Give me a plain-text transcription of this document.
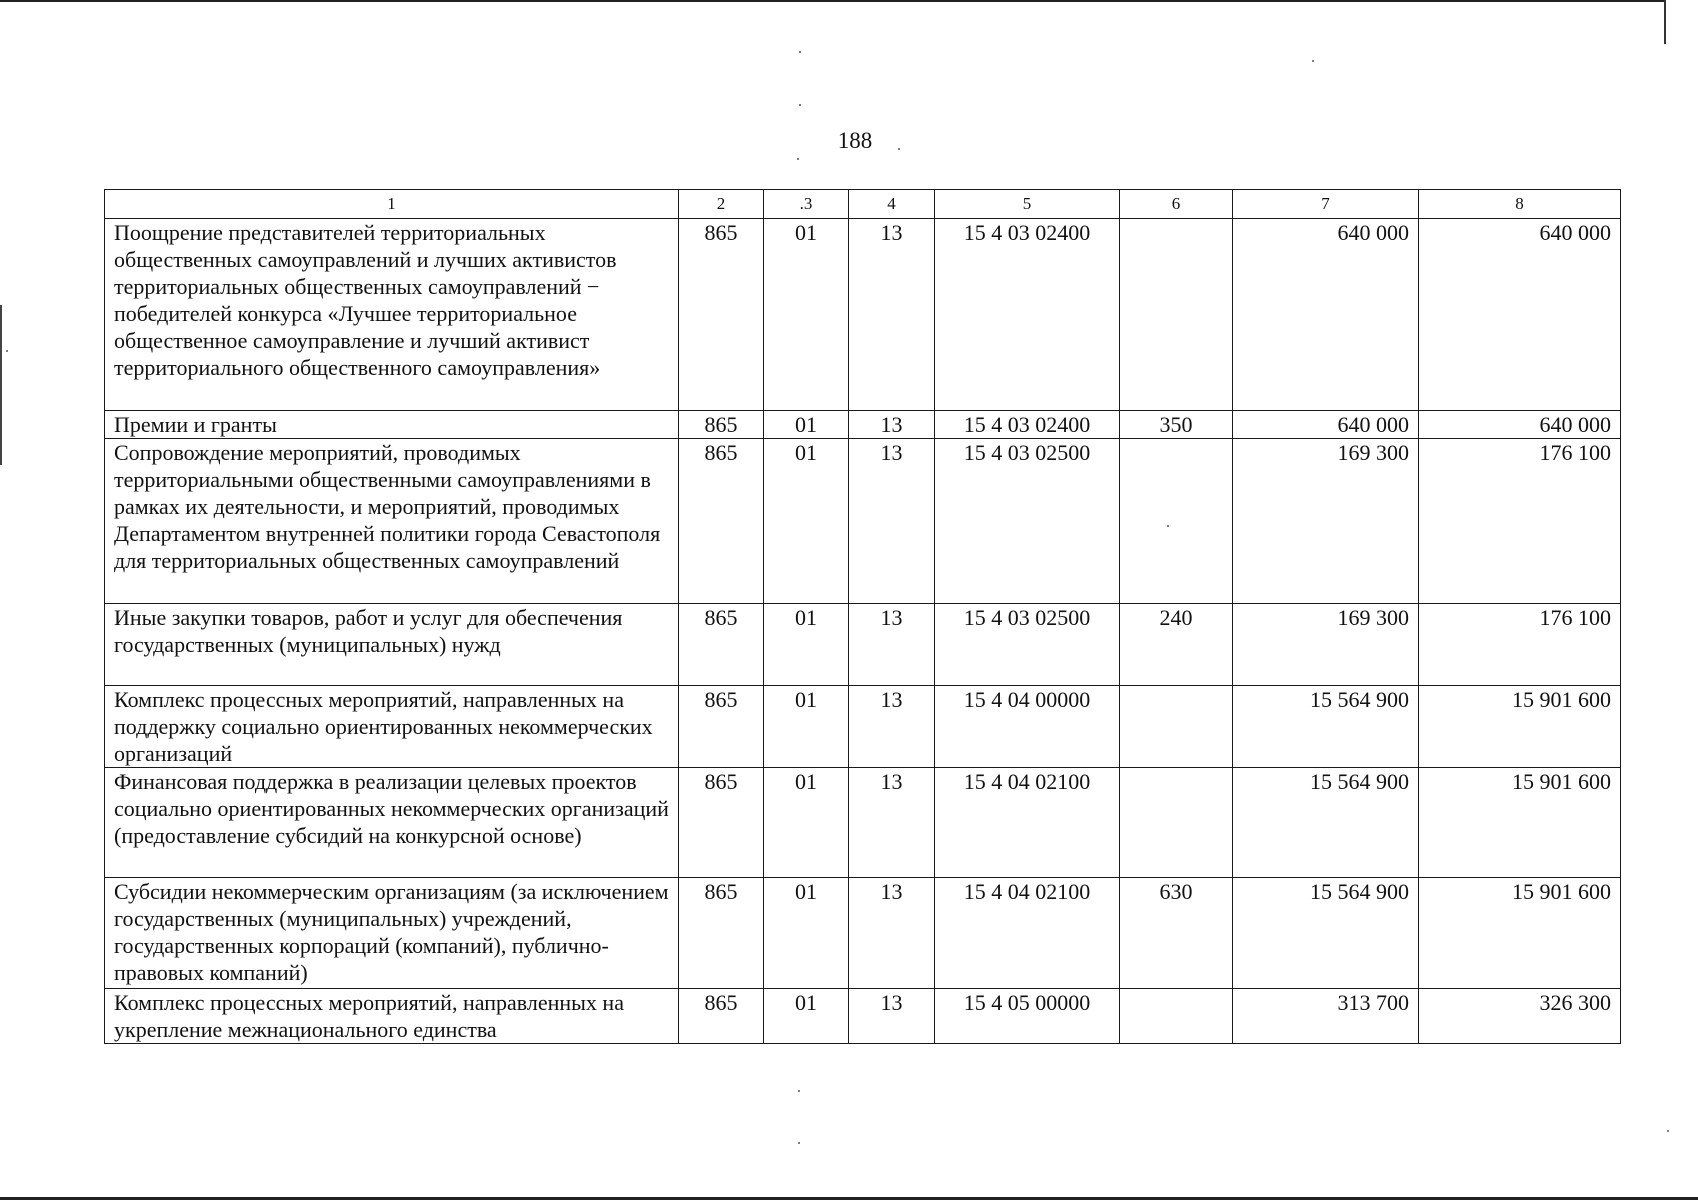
188
1	2	.3	4	5	6	7	8
Поощрение представителей территориальных общественных самоуправлений и лучших активистов территориальных общественных самоуправлений − победителей конкурса «Лучшее территориальное общественное самоуправление и лучший активист территориального общественного самоуправления»	865	01	13	15 4 03 02400		640 000	640 000
Премии и гранты	865	01	13	15 4 03 02400	350	640 000	640 000
Сопровождение мероприятий, проводимых территориальными общественными самоуправлениями в рамках их деятельности, и мероприятий, проводимых Департаментом внутренней политики города Севастополя для территориальных общественных самоуправлений	865	01	13	15 4 03 02500		169 300	176 100
Иные закупки товаров, работ и услуг для обеспечения государственных (муниципальных) нужд	865	01	13	15 4 03 02500	240	169 300	176 100
Комплекс процессных мероприятий, направленных на поддержку социально ориентированных некоммерческих организаций	865	01	13	15 4 04 00000		15 564 900	15 901 600
Финансовая поддержка в реализации целевых проектов социально ориентированных некоммерческих организаций (предоставление субсидий на конкурсной основе)	865	01	13	15 4 04 02100		15 564 900	15 901 600
Субсидии некоммерческим организациям (за исключением государственных (муниципальных) учреждений, государственных корпораций (компаний), публично-правовых компаний)	865	01	13	15 4 04 02100	630	15 564 900	15 901 600
Комплекс процессных мероприятий, направленных на укрепление межнационального единства	865	01	13	15 4 05 00000		313 700	326 300
